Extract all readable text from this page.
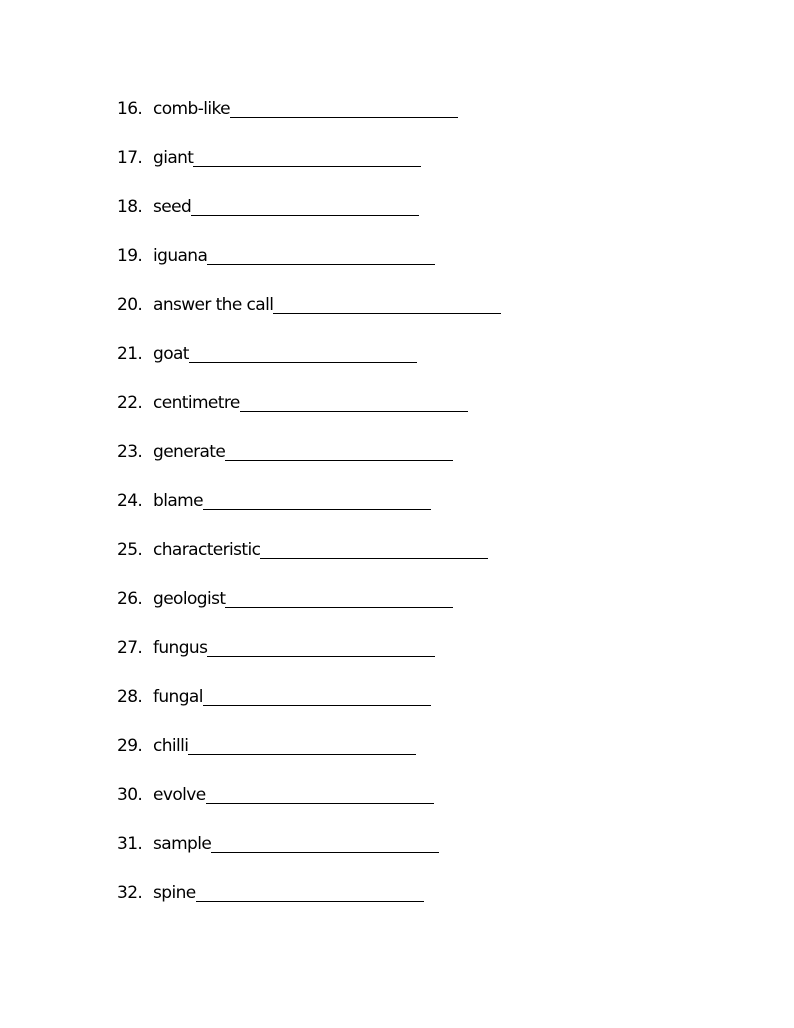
16. comb-like
17. giant
18. seed
19. iguana
20. answer the call
21. goat
22. centimetre
23. generate
24. blame
25. characteristic
26. geologist
27. fungus
28. fungal
29. chilli
30. evolve
31. sample
32. spine
